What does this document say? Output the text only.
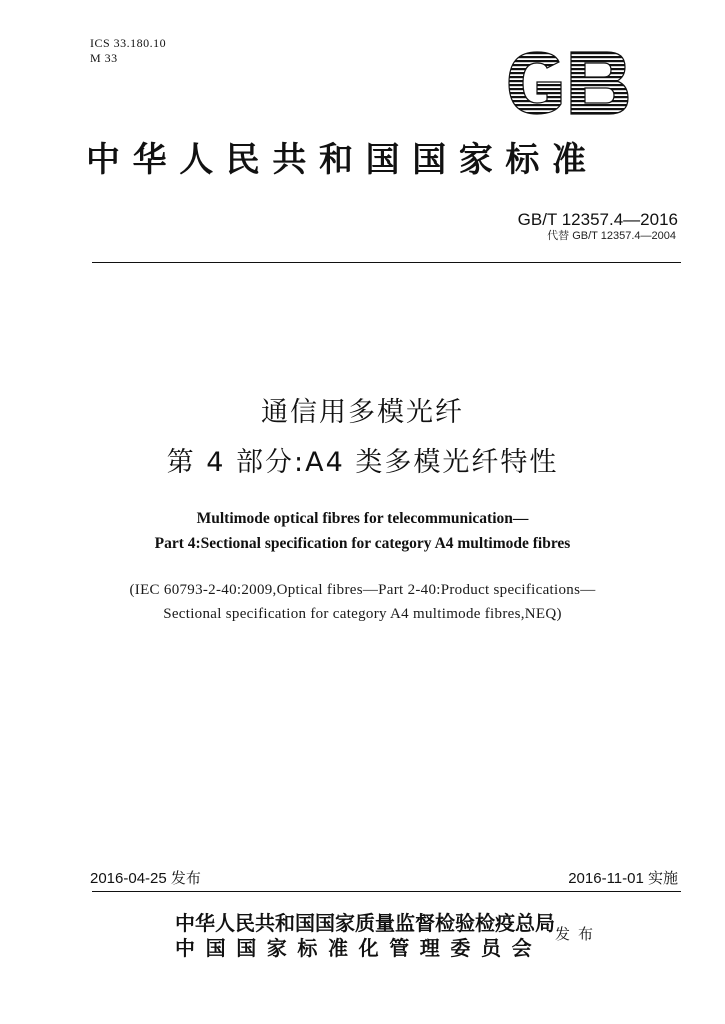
ICS 33.180.10
M 33
中华人民共和国国家标准
GB/T 12357.4—2016
代替 GB/T 12357.4—2004
通信用多模光纤
第 4 部分:A4 类多模光纤特性
Multimode optical fibres for telecommunication—
Part 4:Sectional specification for category A4 multimode fibres
(IEC 60793-2-40:2009,Optical fibres—Part 2-40:Product specifications—
Sectional specification for category A4 multimode fibres,NEQ)
2016-04-25 发布	2016-11-01 实施
中华人民共和国国家质量监督检验检疫总局
中国国家标准化管理委员会
发布
